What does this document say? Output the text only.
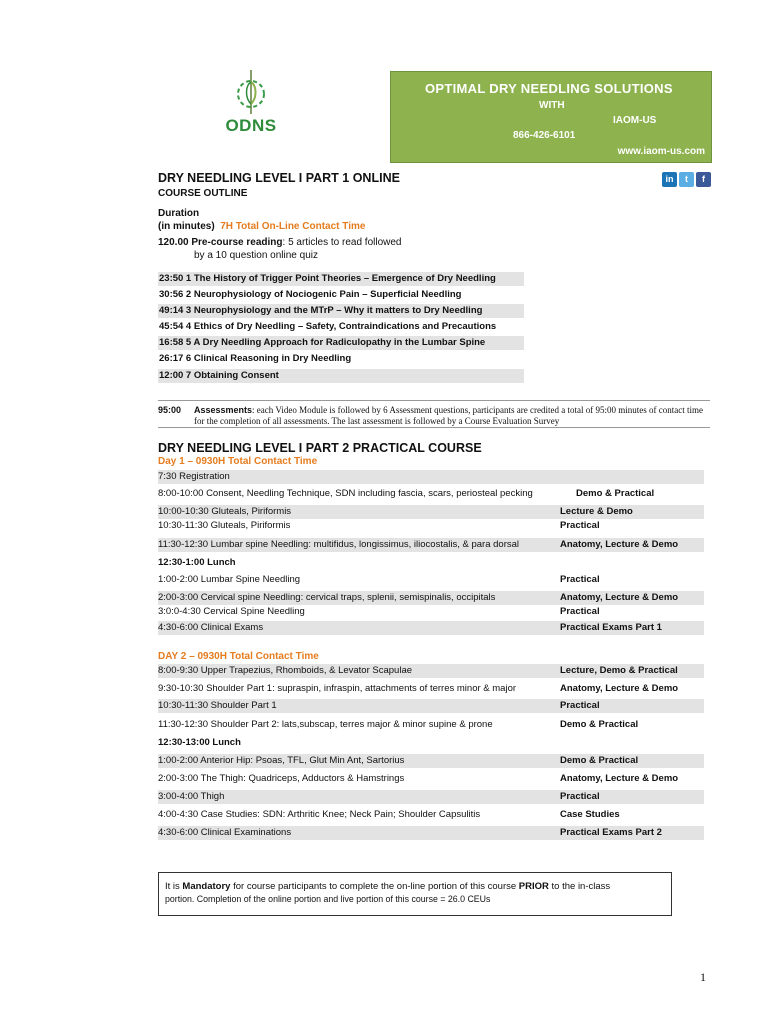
ODNS
OPTIMAL DRY NEEDLING SOLUTIONS
WITH
IAOM-US
866-426-6101
www.iaom-us.com
in	t	f
DRY NEEDLING LEVEL I PART 1 ONLINE
COURSE OUTLINE
Duration
(in minutes) 7H Total On-Line Contact Time
120.00 Pre-course reading: 5 articles to read followed
by a 10 question online quiz
23:50 1 The History of Trigger Point Theories – Emergence of Dry Needling
30:56 2 Neurophysiology of Nociogenic Pain – Superficial Needling
49:14 3 Neurophysiology and the MTrP – Why it matters to Dry Needling
45:54 4 Ethics of Dry Needling – Safety, Contraindications and Precautions
16:58 5 A Dry Needling Approach for Radiculopathy in the Lumbar Spine
26:17 6 Clinical Reasoning in Dry Needling
12:00 7 Obtaining Consent
95:00 Assessments: each Video Module is followed by 6 Assessment questions, participants are credited a total of 95:00 minutes of contact time for the completion of all assessments. The last assessment is followed by a Course Evaluation Survey
DRY NEEDLING LEVEL I PART 2 PRACTICAL COURSE
Day 1 – 0930H Total Contact Time
7:30 Registration
8:00-10:00 Consent, Needling Technique, SDN including fascia, scars, periosteal pecking	Demo & Practical
10:00-10:30 Gluteals, Piriformis	Lecture & Demo
10:30-11:30 Gluteals, Piriformis	Practical
11:30-12:30 Lumbar spine Needling: multifidus, longissimus, iliocostalis, & para dorsal	Anatomy, Lecture & Demo
12:30-1:00 Lunch
1:00-2:00 Lumbar Spine Needling	Practical
2:00-3:00 Cervical spine Needling: cervical traps, splenii, semispinalis, occipitals	Anatomy, Lecture & Demo
3:0:0-4:30 Cervical Spine Needling	Practical
4:30-6:00 Clinical Exams	Practical Exams Part 1
DAY 2 – 0930H Total Contact Time
8:00-9:30 Upper Trapezius, Rhomboids, & Levator Scapulae	Lecture, Demo & Practical
9:30-10:30 Shoulder Part 1: supraspin, infraspin, attachments of terres minor & major	Anatomy, Lecture & Demo
10:30-11:30 Shoulder Part 1	Practical
11:30-12:30 Shoulder Part 2: lats,subscap, terres major & minor supine & prone	Demo & Practical
12:30-13:00 Lunch
1:00-2:00 Anterior Hip: Psoas, TFL, Glut Min Ant, Sartorius	Demo & Practical
2:00-3:00 The Thigh: Quadriceps, Adductors & Hamstrings	Anatomy, Lecture & Demo
3:00-4:00 Thigh	Practical
4:00-4:30 Case Studies: SDN: Arthritic Knee; Neck Pain; Shoulder Capsulitis	Case Studies
4:30-6:00 Clinical Examinations	Practical Exams Part 2
It is Mandatory for course participants to complete the on-line portion of this course PRIOR to the in-class
portion. Completion of the online portion and live portion of this course = 26.0 CEUs
1
